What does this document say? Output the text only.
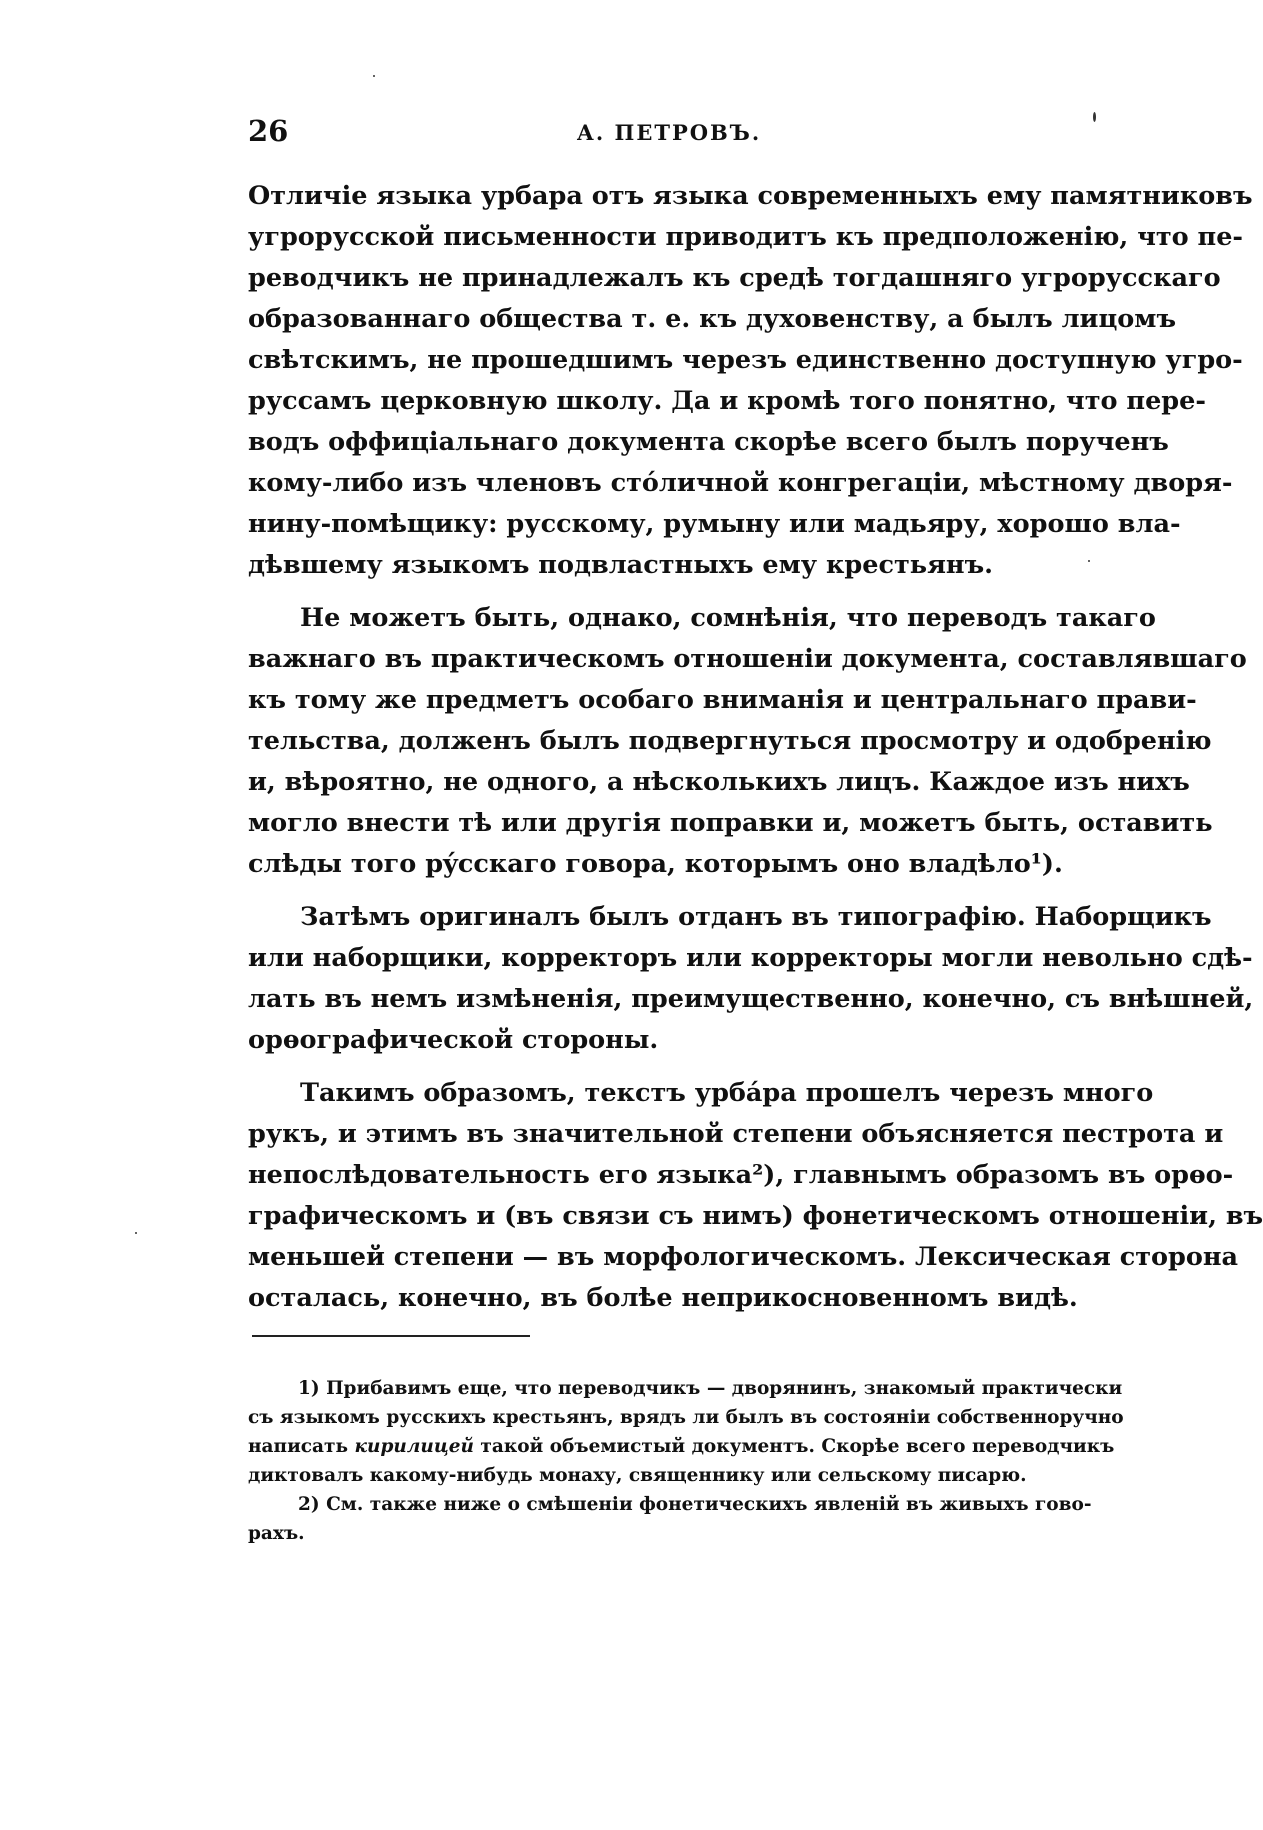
26	А. ПЕТРОВЪ.
Отличіе языка урбара отъ языка современныхъ ему памятниковъ
угрорусской письменности приводитъ къ предположенію, что пе-
реводчикъ не принадлежалъ къ средѣ тогдашняго угрорусскаго
образованнаго общества т. е. къ духовенству, а былъ лицомъ
свѣтскимъ, не прошедшимъ черезъ единственно доступную угро-
руссамъ церковную школу. Да и кромѣ того понятно, что пере-
водъ оффиціальнаго документа скорѣе всего былъ порученъ
кому-либо изъ членовъ стóличной конгрегаціи, мѣстному дворя-
нину-помѣщику: русскому, румыну или мадьяру, хорошо вла-
дѣвшему языкомъ подвластныхъ ему крестьянъ.
Не можетъ быть, однако, сомнѣнія, что переводъ такаго
важнаго въ практическомъ отношеніи документа, составлявшаго
къ тому же предметъ особаго вниманія и центральнаго прави-
тельства, долженъ былъ подвергнуться просмотру и одобренію
и, вѣроятно, не одного, а нѣсколькихъ лицъ. Каждое изъ нихъ
могло внести тѣ или другія поправки и, можетъ быть, оставить
слѣды того рýсскаго говора, которымъ оно владѣло¹).
Затѣмъ оригиналъ былъ отданъ въ типографію. Наборщикъ
или наборщики, корректоръ или корректоры могли невольно сдѣ-
лать въ немъ измѣненія, преимущественно, конечно, съ внѣшней,
орѳографической стороны.
Такимъ образомъ, текстъ урбáра прошелъ черезъ много
рукъ, и этимъ въ значительной степени объясняется пестрота и
непослѣдовательность его языка²), главнымъ образомъ въ орѳо-
графическомъ и (въ связи съ нимъ) фонетическомъ отношеніи, въ
меньшей степени — въ морфологическомъ. Лексическая сторона
осталась, конечно, въ болѣе неприкосновенномъ видѣ.
1) Прибавимъ еще, что переводчикъ — дворянинъ, знакомый практически
съ языкомъ русскихъ крестьянъ, врядъ ли былъ въ состояніи собственноручно
написать кирилицей такой объемистый документъ. Скорѣе всего переводчикъ
диктовалъ какому-нибудь монаху, священнику или сельскому писарю.
2) См. также ниже о смѣшеніи фонетическихъ явленій въ живыхъ гово-
рахъ.
